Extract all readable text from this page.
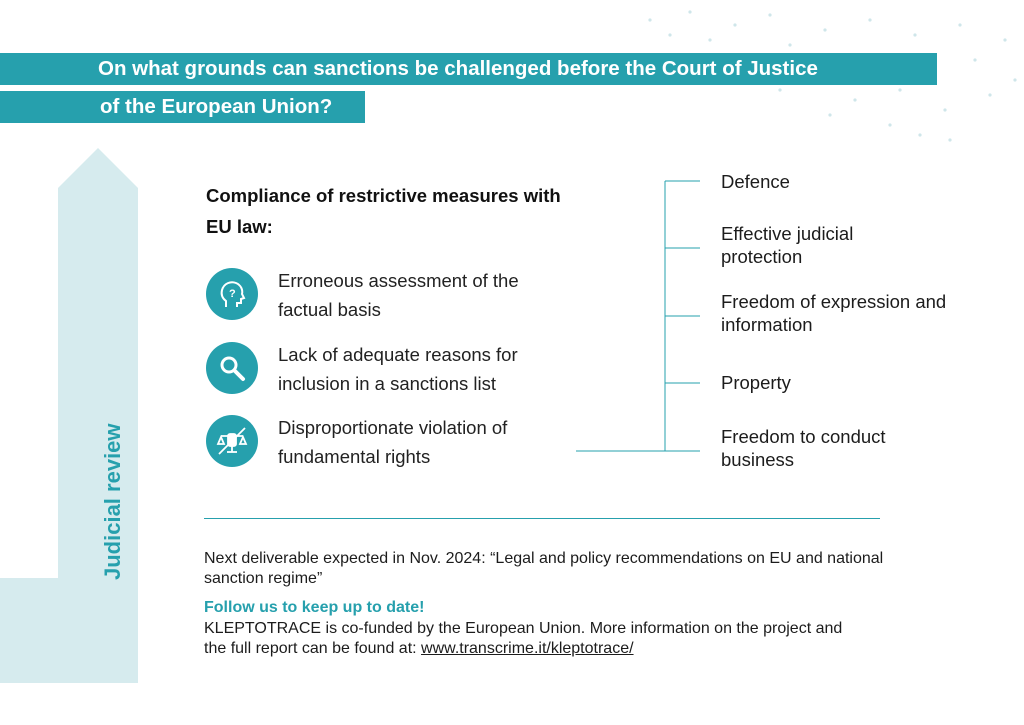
On what grounds can sanctions be challenged before the Court of Justice
of the European Union?
Judicial review
Compliance of restrictive measures with EU law:
?
Erroneous assessment of the factual basis
Lack of adequate reasons for inclusion in a sanctions list
Disproportionate violation of fundamental rights
Defence
Effective judicial protection
Freedom of expression and information
Property
Freedom to conduct business
Next deliverable expected in Nov. 2024: “Legal and policy recommendations on EU and national sanction regime”
Follow us to keep up to date!
KLEPTOTRACE is co-funded by the European Union. More information on the project and the full report can be found at: www.transcrime.it/kleptotrace/
